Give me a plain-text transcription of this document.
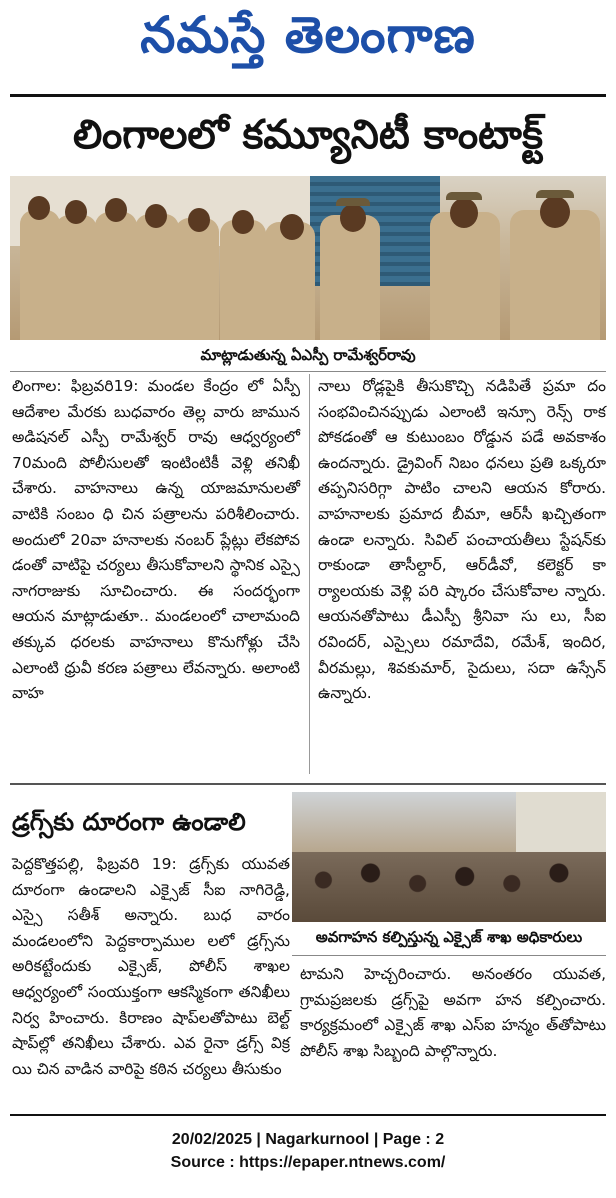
నమస్తే తెలంగాణ
లింగాలలో కమ్యూనిటీ కాంటాక్ట్
మాట్లాడుతున్న ఏఎస్పీ రామేశ్వర్‌రావు
లింగాల: ఫిబ్రవరి19: మండల కేంద్రం లో ఏస్పీ ఆదేశాల మేరకు బుధవారం తెల్ల వారు జామున అడిషనల్ ఎస్పీ రామేశ్వర్ రావు ఆధ్వర్యంలో 70మంది పోలీసులతో ఇంటింటికీ వెళ్లి తనిఖీ చేశారు. వాహనాలు ఉన్న యాజమానులతో వాటికి సంబం ధి చిన పత్రాలను పరిశీలించారు. అందులో 20వా హనాలకు నంబర్ ప్లేట్లు లేకపోవ డంతో వాటిపై చర్యలు తీసుకోవాలని స్థానిక ఎస్సై నాగరాజుకు సూచించారు. ఈ సందర్భంగా ఆయన మాట్లాడుతూ.. మండలంలో చాలామంది తక్కువ ధరలకు వాహనాలు కొనుగోళ్లు చేసి ఎలాంటి ధ్రువీ కరణ పత్రాలు లేవన్నారు. అలాంటి వాహ
నాలు రోడ్లపైకి తీసుకొచ్చి నడిపితే ప్రమా దం సంభవించినప్పుడు ఎలాంటి ఇన్సూ రెన్స్ రాక పోకడంతో ఆ కుటుంబం రోడ్డున పడే అవకాశం ఉందన్నారు. డ్రైవింగ్ నిబం ధనలు ప్రతి ఒక్కరూ తప్పనిసరిగ్గా పాటిం చాలని ఆయన కోరారు. వాహనాలకు ప్రమాద బీమా, ఆర్‌సీ ఖచ్చితంగా ఉండా లన్నారు. సివిల్ పంచాయతీలు స్టేషన్‌కు రాకుండా తాసీల్దార్, ఆర్‌డీవో, కలెక్టర్ కా ర్యాలయకు వెళ్లి పరి ష్కారం చేసుకోవాల న్నారు. ఆయనతోపాటు డీఎస్పీ శ్రీనివా సు లు, సీఐ రవిందర్, ఎస్సైలు రమాదేవి, రమేశ్, ఇందిర, వీరమల్లు, శివకుమార్, సైదులు, సదా ఉస్సేన్ ఉన్నారు.
డ్రగ్స్‌కు దూరంగా ఉండాలి
పెద్దకొత్తపల్లి, ఫిబ్రవరి 19: డ్రగ్స్‌కు యువత దూరంగా ఉండాలని ఎక్సైజ్ సీఐ నాగిరెడ్డి, ఎస్సై సతీశ్ అన్నారు. బుధ వారం మండలంలోని పెద్దకార్పాముల లలో డ్రగ్స్‌ను అరికట్టేందుకు ఎక్సైజ్, పోలీస్ శాఖల ఆధ్వర్యంలో సంయుక్తంగా ఆకస్మికంగా తనిఖీలు నిర్వ హించారు. కిరాణం షాప్‌లతోపాటు బెల్ట్ షాప్‌ల్లో తనిఖీలు చేశారు. ఎవ రైనా డ్రగ్స్ విక్ర యి చిన వాడిన వారిపై కఠిన చర్యలు తీసుకుం
అవగాహన కల్పిస్తున్న ఎక్సైజ్ శాఖ అధికారులు
టామని హెచ్చరించారు. అనంతరం యువత, గ్రామప్రజలకు డ్రగ్స్‌పై అవగా హన కల్పించారు. కార్యక్రమంలో ఎక్సైజ్ శాఖ ఎస్ఐ హన్మం త్‌తోపాటు పోలీస్ శాఖ సిబ్బంది పాల్గొన్నారు.
20/02/2025 | Nagarkurnool | Page : 2
Source : https://epaper.ntnews.com/
